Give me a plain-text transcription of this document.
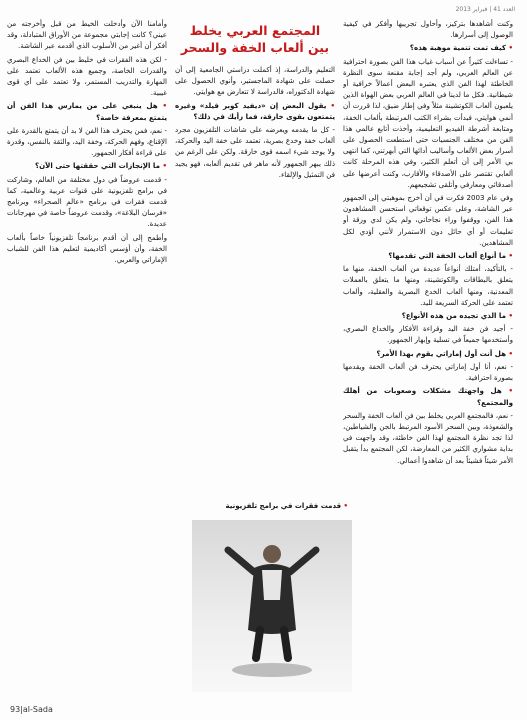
العدد 41 | فبراير 2013

وكنت أشاهدها بتركيز، وأحاول تجريبها وأفكر في كيفية الوصول إلى أسرارها.

• كيف تمت تنمية موهبة هذه؟

- تساءلت كثيراً عن أسباب غياب هذا الفن بصورة احترافية عن العالم العربي، ولم أجد إجابة مقنعة سوى النظرة الخاطئة لهذا الفن الذي يعتبره البعض أعمالاً خرافية أو شيطانية. فكل ما لدينا في العالم العربي بعض الهواة الذين يلعبون ألعاب الكوتشينة مثلاً وفي إطار ضيق، لذا قررت أن أنمي هوايتي، فبدأت بشراء الكتب المرتبطة بألعاب الخفة، ومتابعة أشرطة الفيديو التعليمية، وأخذت أتابع عالمي هذا الفن من مختلف الجنسيات حتى استطعت الحصول على أسرار بعض الألعاب وأساليب أدائها التي أبهرتني، كما انتهى بي الأمر إلى أن أتعلم الكثير، وفي هذه المرحلة كانت ألعابي تقتصر على الأصدقاء والأقارب، وكنت أعرضها على أصدقائي ومعارفي وأتلقى تشجيعهم.

وفي عام 2003 فكرت في أن أخرج بموهبتي إلى الجمهور عبر الشاشة، وعلى عكس توقعاتي استحسن المشاهدون هذا الفن، ووقفوا وراء نجاحاتي، ولم يكن لدي ورقة أو تعليمات أو أي حائل دون الاستمرار لأنني أؤدي لكل المشاهدين.

• ما أنواع ألعاب الخفة التي تقدمها؟

- بالتأكيد، أمتلك أنواعاً عديدة من ألعاب الخفة، منها ما يتعلق بالبطاقات والكوتشينة، ومنها ما يتعلق بالعملات المعدنية، ومنها ألعاب الخدع البصرية والعقلية، وألعاب تعتمد على الحركة السريعة لليد.

• ما الذي تجيده من هذه الأنواع؟

- أجيد فن خفة اليد وقراءة الأفكار والخداع البصري، وأستخدمها جميعاً في تسلية وإبهار الجمهور.

• هل أنت أول إماراتي يقوم بهذا الأمر؟

- نعم، أنا أول إماراتي يحترف فن ألعاب الخفة ويقدمها بصورة احترافية.

• هل واجهتك مشكلات وصعوبات من أهلك والمجتمع؟

- نعم، فالمجتمع العربي يخلط بين فن ألعاب الخفة والسحر والشعوذة، وبين السحر الأسود المرتبط بالجن والشياطين، لذا تجد نظرة المجتمع لهذا الفن خاطئة، وقد واجهت في بداية مشواري الكثير من المعارضة، لكن المجتمع بدأ يتقبل الأمر شيئاً فشيئاً بعد أن شاهدوا أعمالي.

المجتمع العربي يخلط
بين ألعاب الخفة والسحر

التعليم والدراسة، إذ أكملت دراستي الجامعية إلى أن حصلت على شهادة الماجستير، وأنوي الحصول على شهادة الدكتوراه، فالدراسة لا تتعارض مع هوايتي.

• يقول البعض إن «ديفيد كوبر فيلد» وغيره يتمتعون بقوى خارقة، فما رأيك في ذلك؟

- كل ما يقدمه ويعرضه على شاشات التلفزيون مجرد ألعاب خفة وخدع بصرية، تعتمد على خفة اليد والحركة، ولا يوجد شيء اسمه قوى خارقة. ولكن على الرغم من ذلك يبهر الجمهور لأنه ماهر في تقديم ألعابه، فهو يجيد فن التمثيل والإلقاء.

• قدمت فقرات في برامج تلفزيونية

وأمامنا الآن وأدخلت الخيط من قبل وأخرجته من عيني؟ كانت إجابتي مجموعة من الأوراق المتبادلة، وقد أفكر أن أغير من الأسلوب الذي أقدمه عبر الشاشة.

- لكن هذه الفقرات في خليط بين فن الخداع البصري والقدرات الخاصة، وجميع هذه الألعاب تعتمد على المهارة والتدريب المستمر، ولا تعتمد على أي قوى غيبية.

• هل ينبغي على من يمارس هذا الفن أن يتمتع بمعرفة خاصة؟

- نعم، فمن يحترف هذا الفن لا بد أن يتمتع بالقدرة على الإقناع، وفهم الحركة، وخفة اليد، والثقة بالنفس، وقدرة على قراءة أفكار الجمهور.

• ما الإنجازات التي حققتها حتى الآن؟

- قدمت عروضاً في دول مختلفة من العالم، وشاركت في برامج تلفزيونية على قنوات عربية وعالمية، كما قدمت فقرات في برنامج «عالم الصحراء» وبرنامج «فرسان البلاغة»، وقدمت عروضاً خاصة في مهرجانات عديدة.

وأطمح إلى أن أقدم برنامجاً تلفزيونياً خاصاً بألعاب الخفة، وأن أؤسس أكاديمية لتعليم هذا الفن للشباب الإماراتي والعربي.

93|al-Sada
